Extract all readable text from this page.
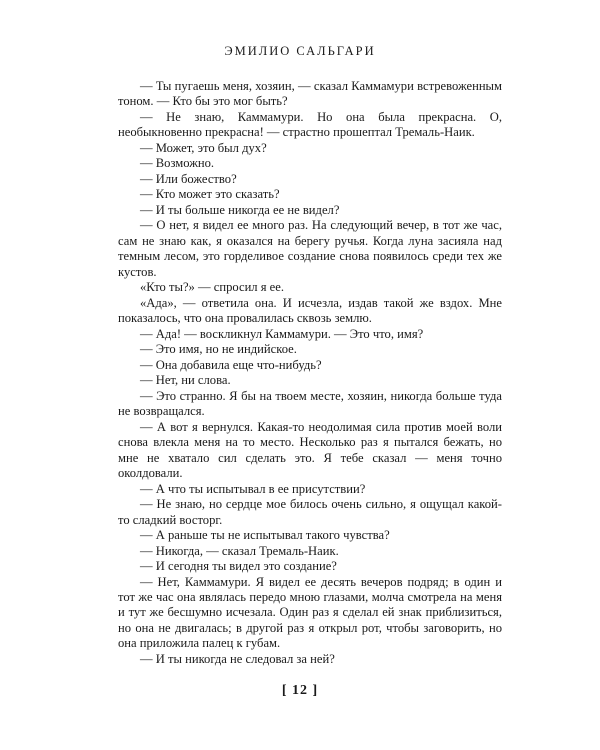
ЭМИЛИО САЛЬГАРИ

— Ты пугаешь меня, хозяин, — сказал Каммамури встревоженным тоном. — Кто бы это мог быть?

— Не знаю, Каммамури. Но она была прекрасна. О, необыкновенно прекрасна! — страстно прошептал Тремаль-Наик.

— Может, это был дух?

— Возможно.

— Или божество?

— Кто может это сказать?

— И ты больше никогда ее не видел?

— О нет, я видел ее много раз. На следующий вечер, в тот же час, сам не знаю как, я оказался на берегу ручья. Когда луна засияла над темным лесом, это горделивое создание снова появилось среди тех же кустов.

«Кто ты?» — спросил я ее.

«Ада», — ответила она. И исчезла, издав такой же вздох. Мне показалось, что она провалилась сквозь землю.

— Ада! — воскликнул Каммамури. — Это что, имя?

— Это имя, но не индийское.

— Она добавила еще что-нибудь?

— Нет, ни слова.

— Это странно. Я бы на твоем месте, хозяин, никогда больше туда не возвращался.

— А вот я вернулся. Какая-то неодолимая сила против моей воли снова влекла меня на то место. Несколько раз я пытался бежать, но мне не хватало сил сделать это. Я тебе сказал — меня точно околдовали.

— А что ты испытывал в ее присутствии?

— Не знаю, но сердце мое билось очень сильно, я ощущал какой-то сладкий восторг.

— А раньше ты не испытывал такого чувства?

— Никогда, — сказал Тремаль-Наик.

— И сегодня ты видел это создание?

— Нет, Каммамури. Я видел ее десять вечеров подряд; в один и тот же час она являлась передо мною глазами, молча смотрела на меня и тут же бесшумно исчезала. Один раз я сделал ей знак приблизиться, но она не двигалась; в другой раз я открыл рот, чтобы заговорить, но она приложила палец к губам.

— И ты никогда не следовал за ней?

[ 12 ]
